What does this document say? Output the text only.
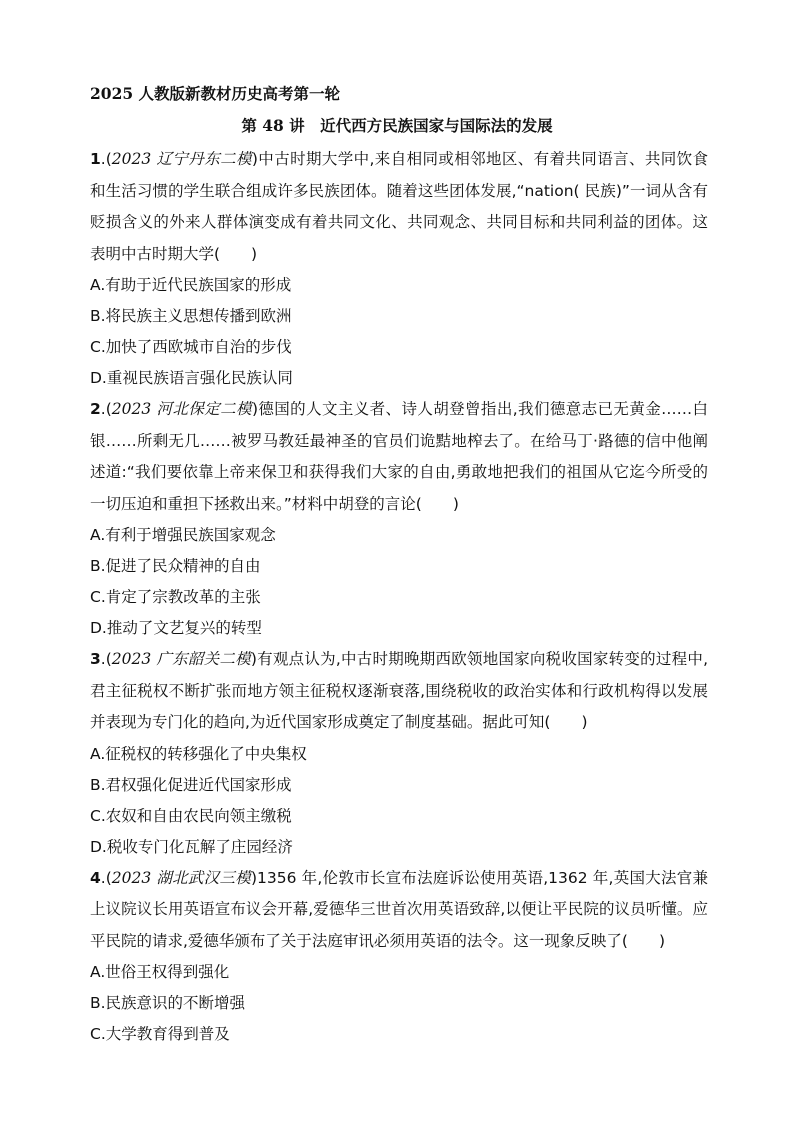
2025 人教版新教材历史高考第一轮
第 48 讲　近代西方民族国家与国际法的发展
1.(2023 辽宁丹东二模)中古时期大学中,来自相同或相邻地区、有着共同语言、共同饮食和生活习惯的学生联合组成许多民族团体。随着这些团体发展,“nation( 民族)”一词从含有贬损含义的外来人群体演变成有着共同文化、共同观念、共同目标和共同利益的团体。这表明中古时期大学(　　)
A.有助于近代民族国家的形成
B.将民族主义思想传播到欧洲
C.加快了西欧城市自治的步伐
D.重视民族语言强化民族认同
2.(2023 河北保定二模)德国的人文主义者、诗人胡登曾指出,我们德意志已无黄金……白银……所剩无几……被罗马教廷最神圣的官员们诡黠地榨去了。在给马丁·路德的信中他阐述道:“我们要依靠上帝来保卫和获得我们大家的自由,勇敢地把我们的祖国从它迄今所受的一切压迫和重担下拯救出来。”材料中胡登的言论(　　)
A.有利于增强民族国家观念
B.促进了民众精神的自由
C.肯定了宗教改革的主张
D.推动了文艺复兴的转型
3.(2023 广东韶关二模)有观点认为,中古时期晚期西欧领地国家向税收国家转变的过程中,君主征税权不断扩张而地方领主征税权逐渐衰落,围绕税收的政治实体和行政机构得以发展并表现为专门化的趋向,为近代国家形成奠定了制度基础。据此可知(　　)
A.征税权的转移强化了中央集权
B.君权强化促进近代国家形成
C.农奴和自由农民向领主缴税
D.税收专门化瓦解了庄园经济
4.(2023 湖北武汉三模)1356 年,伦敦市长宣布法庭诉讼使用英语,1362 年,英国大法官兼上议院议长用英语宣布议会开幕,爱德华三世首次用英语致辞,以便让平民院的议员听懂。应平民院的请求,爱德华颁布了关于法庭审讯必须用英语的法令。这一现象反映了(　　)
A.世俗王权得到强化
B.民族意识的不断增强
C.大学教育得到普及
